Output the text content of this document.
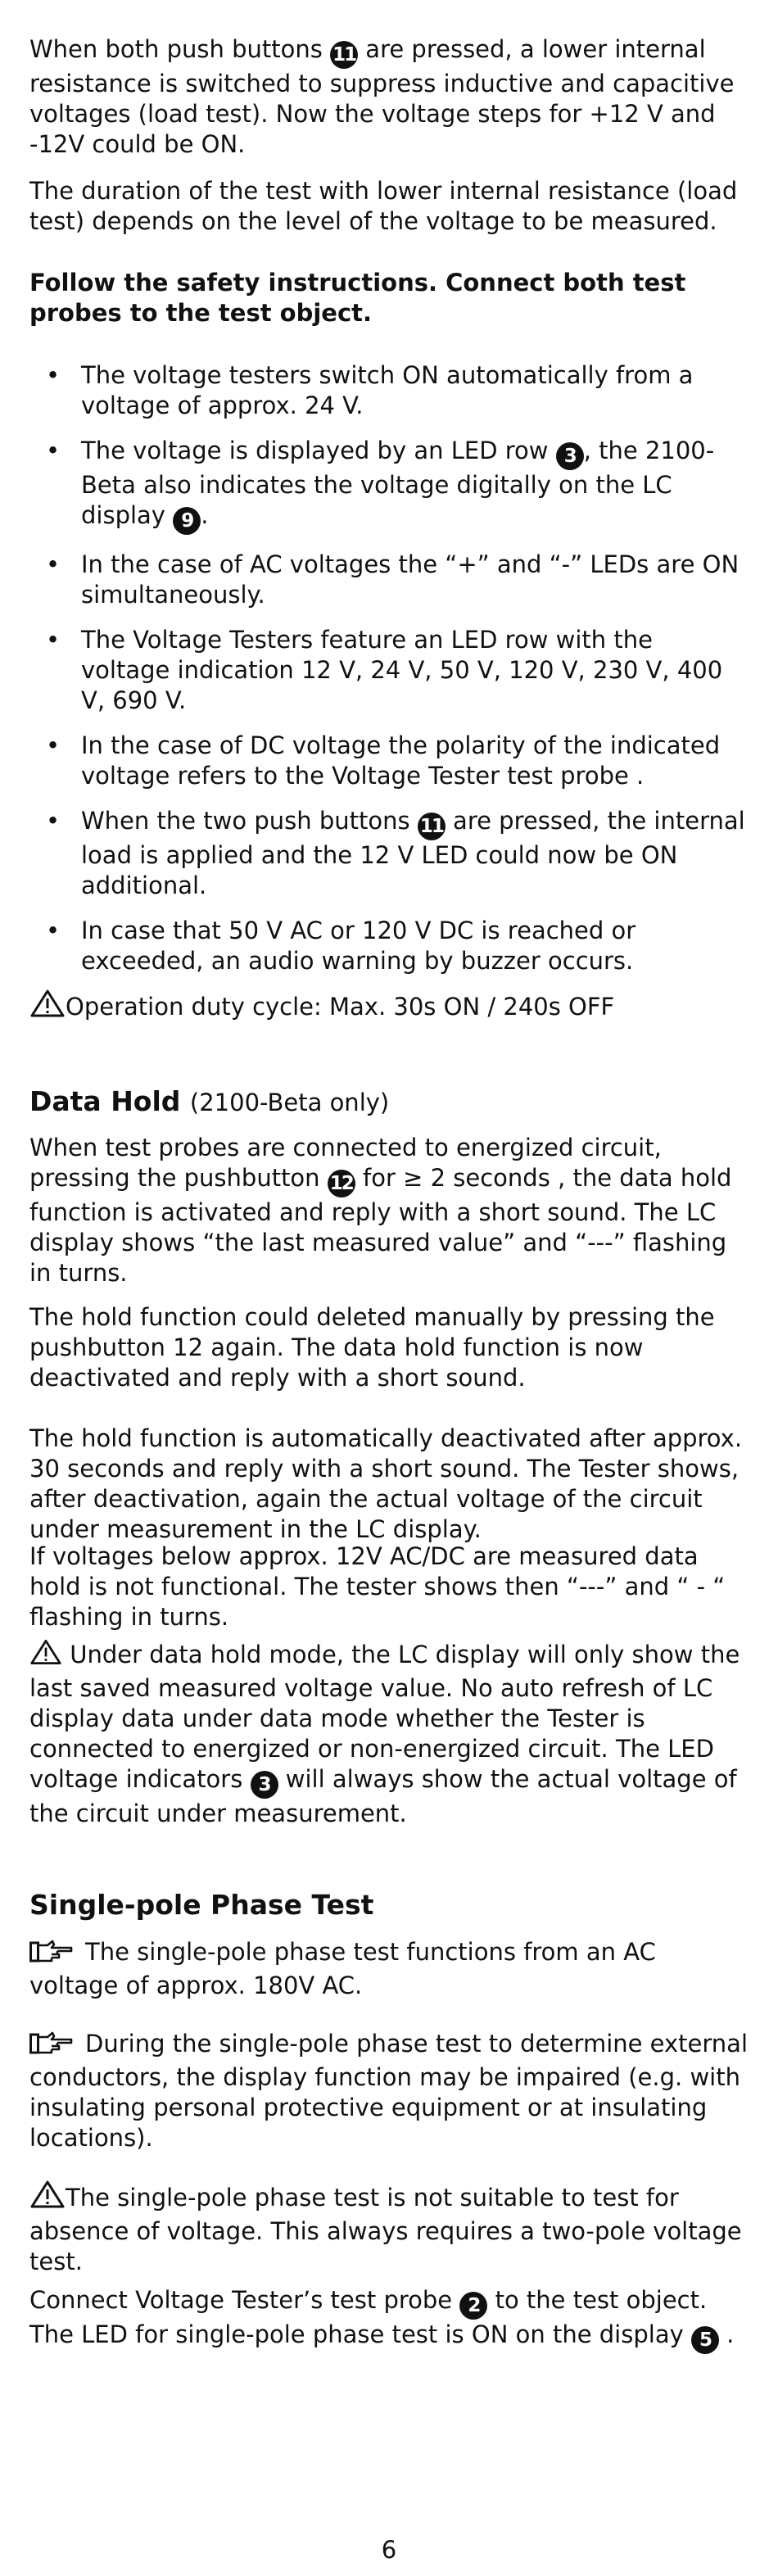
When both push buttons 11 are pressed, a lower internal resistance is switched to suppress inductive and capacitive voltages (load test). Now the voltage steps for +12 V and -12V could be ON.

The duration of the test with lower internal resistance (load test) depends on the level of the voltage to be measured.

Follow the safety instructions. Connect both test probes to the test object.

• The voltage testers switch ON automatically from a voltage of approx. 24 V.
• The voltage is displayed by an LED row 3 , the 2100-Beta also indicates the voltage digitally on the LC display 9 .
• In the case of AC voltages the “+” and “-” LEDs are ON simultaneously.
• The Voltage Testers feature an LED row with the voltage indication 12 V, 24 V, 50 V, 120 V, 230 V, 400 V, 690 V.
• In the case of DC voltage the polarity of the indicated voltage refers to the Voltage Tester test probe .
• When the two push buttons 11 are pressed, the internal load is applied and the 12 V LED could now be ON additional.
• In case that 50 V AC or 120 V DC is reached or exceeded, an audio warning by buzzer occurs.

Operation duty cycle: Max. 30s ON / 240s OFF

Data Hold (2100-Beta only)

When test probes are connected to energized circuit, pressing the pushbutton 12 for ≥ 2 seconds , the data hold function is activated and reply with a short sound. The LC display shows “the last measured value” and “---” flashing in turns.

The hold function could deleted manually by pressing the pushbutton 12 again. The data hold function is now deactivated and reply with a short sound.

The hold function is automatically deactivated after approx. 30 seconds and reply with a short sound. The Tester shows, after deactivation, again the actual voltage of the circuit under measurement in the LC display.

If voltages below approx. 12V AC/DC are measured data hold is not functional. The tester shows then “---” and “ - “ flashing in turns.

Under data hold mode, the LC display will only show the last saved measured voltage value. No auto refresh of LC display data under data mode whether the Tester is connected to energized or non-energized circuit. The LED voltage indicators 3 will always show the actual voltage of the circuit under measurement.

Single-pole Phase Test

The single-pole phase test functions from an AC voltage of approx. 180V AC.

During the single-pole phase test to determine external conductors, the display function may be impaired (e.g. with insulating personal protective equipment or at insulating locations).

The single-pole phase test is not suitable to test for absence of voltage. This always requires a two-pole voltage test.

Connect Voltage Tester’s test probe 2 to the test object. The LED for single-pole phase test is ON on the display 5 .

6
